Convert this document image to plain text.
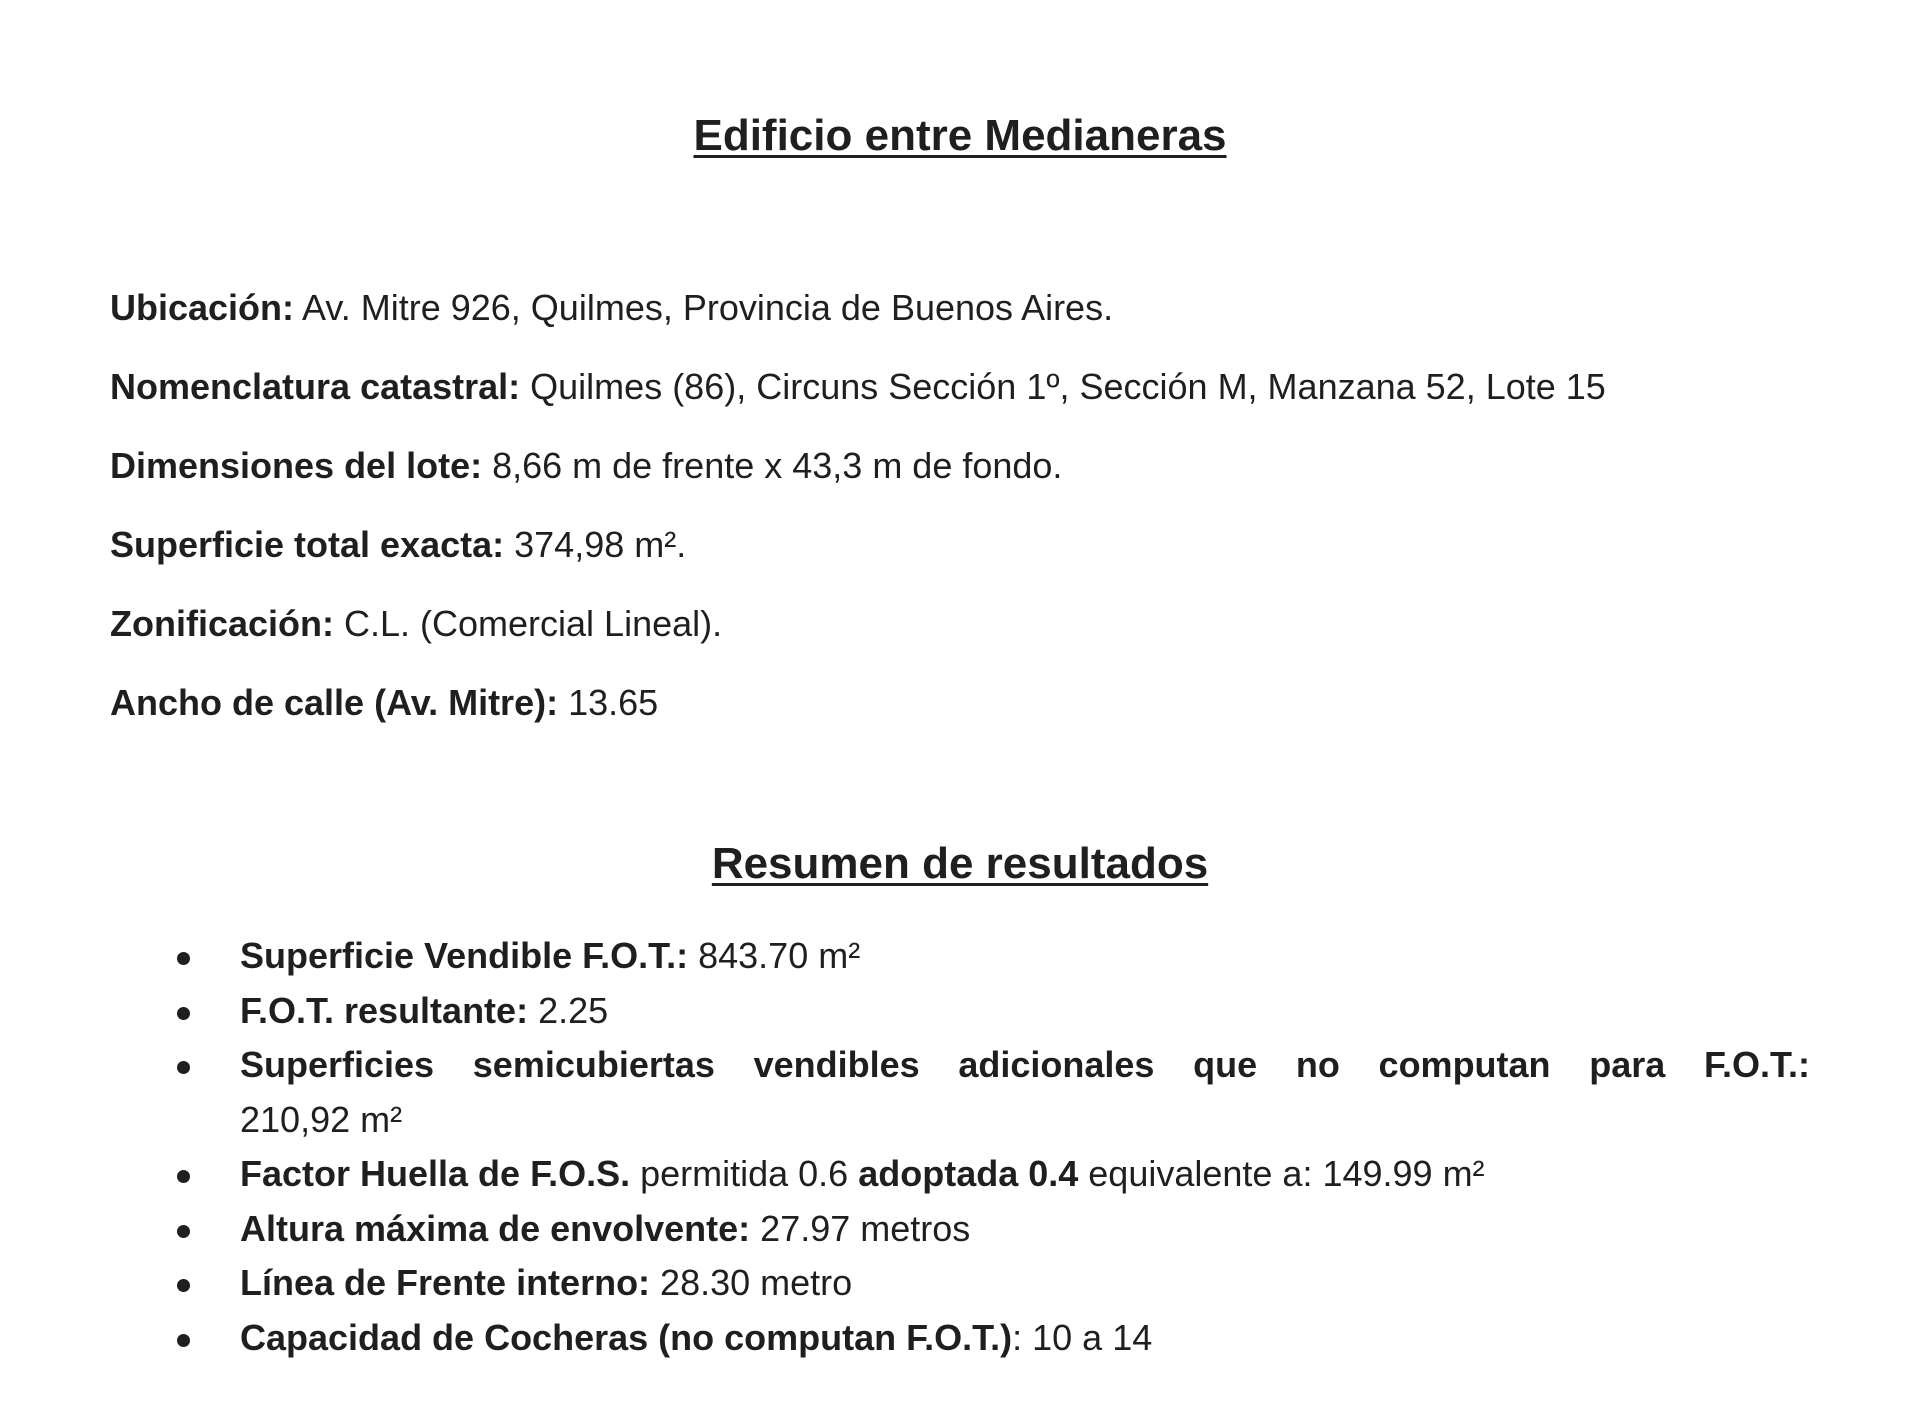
Edificio entre Medianeras

Ubicación: Av. Mitre 926, Quilmes, Provincia de Buenos Aires.

Nomenclatura catastral: Quilmes (86), Circuns Sección 1º, Sección M, Manzana 52, Lote 15

Dimensiones del lote: 8,66 m de frente x 43,3 m de fondo.

Superficie total exacta: 374,98 m².

Zonificación: C.L. (Comercial Lineal).

Ancho de calle (Av. Mitre): 13.65

Resumen de resultados
Superficie Vendible F.O.T.: 843.70 m²
F.O.T. resultante: 2.25
Superficies semicubiertas vendibles adicionales que no computan para F.O.T.:
210,92 m²
Factor Huella de F.O.S. permitida 0.6 adoptada 0.4 equivalente a: 149.99 m²
Altura máxima de envolvente: 27.97 metros
Línea de Frente interno: 28.30 metro
Capacidad de Cocheras (no computan F.O.T.): 10 a 14
